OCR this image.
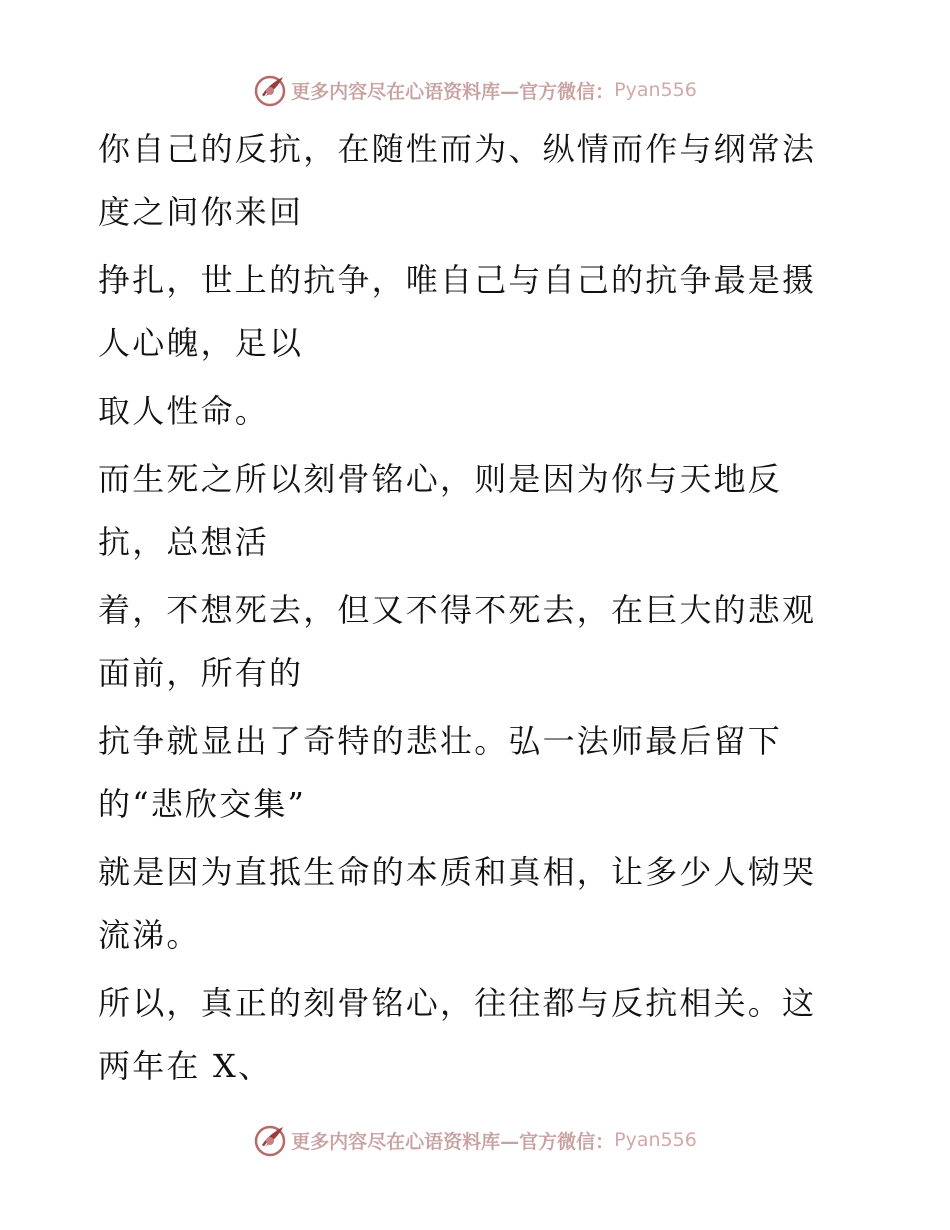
更多内容尽在心语资料库—官方微信： Pyan556

你自己的反抗，在随性而为、纵情而作与纲常法
度之间你来回

挣扎，世上的抗争，唯自己与自己的抗争最是摄
人心魄，足以

取人性命。

而生死之所以刻骨铭心，则是因为你与天地反
抗，总想活

着，不想死去，但又不得不死去，在巨大的悲观
面前，所有的

抗争就显出了奇特的悲壮。弘一法师最后留下
的“悲欣交集”

就是因为直抵生命的本质和真相，让多少人恸哭
流涕。

所以，真正的刻骨铭心，往往都与反抗相关。这
两年在 X、

更多内容尽在心语资料库—官方微信： Pyan556
